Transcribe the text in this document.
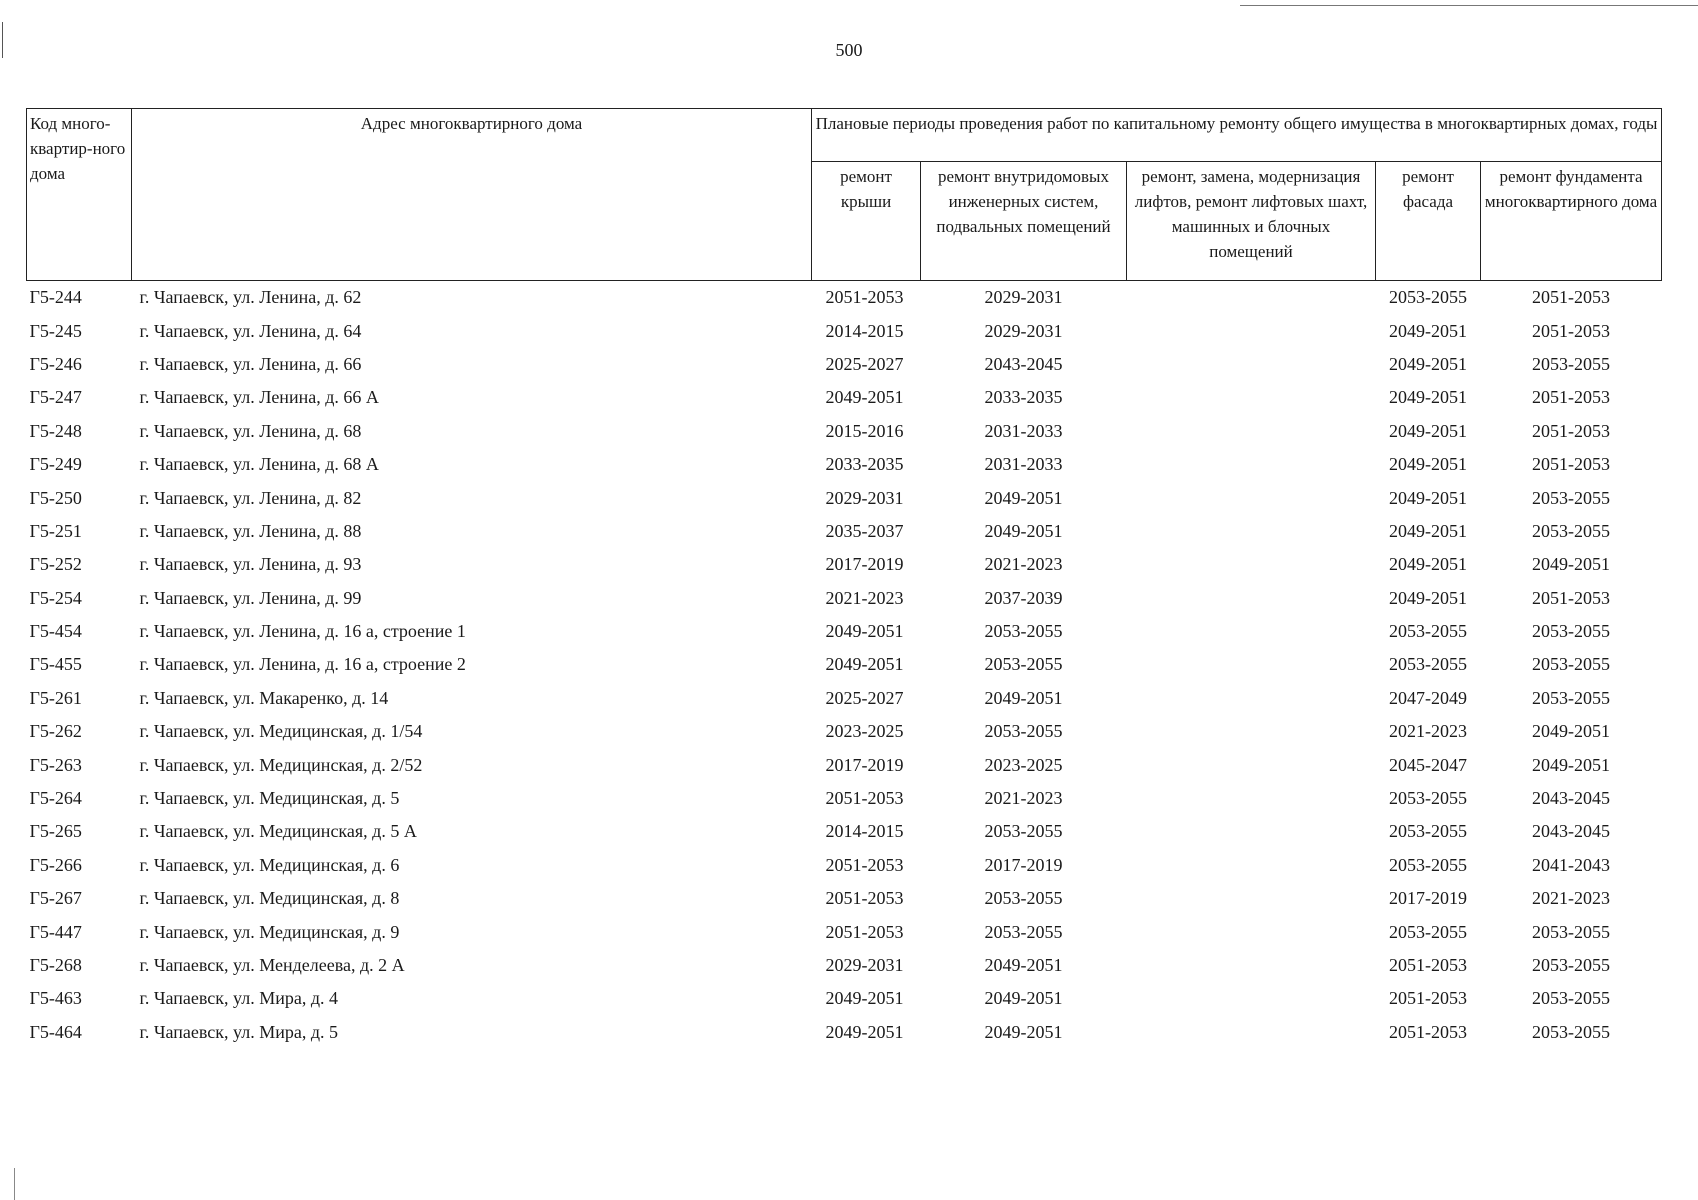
500
Код много-квартир-ного дома	Адрес многоквартирного дома	Плановые периоды проведения работ по капитальному ремонту общего имущества в многоквартирных домах, годы				
		ремонт крыши	ремонт внутридомовых инженерных систем, подвальных помещений	ремонт, замена, модернизация лифтов, ремонт лифтовых шахт, машинных и блочных помещений	ремонт фасада	ремонт фундамента многоквартирного дома
Г5-244	г. Чапаевск, ул. Ленина, д. 62	2051-2053	2029-2031		2053-2055	2051-2053
Г5-245	г. Чапаевск, ул. Ленина, д. 64	2014-2015	2029-2031		2049-2051	2051-2053
Г5-246	г. Чапаевск, ул. Ленина, д. 66	2025-2027	2043-2045		2049-2051	2053-2055
Г5-247	г. Чапаевск, ул. Ленина, д. 66 А	2049-2051	2033-2035		2049-2051	2051-2053
Г5-248	г. Чапаевск, ул. Ленина, д. 68	2015-2016	2031-2033		2049-2051	2051-2053
Г5-249	г. Чапаевск, ул. Ленина, д. 68 А	2033-2035	2031-2033		2049-2051	2051-2053
Г5-250	г. Чапаевск, ул. Ленина, д. 82	2029-2031	2049-2051		2049-2051	2053-2055
Г5-251	г. Чапаевск, ул. Ленина, д. 88	2035-2037	2049-2051		2049-2051	2053-2055
Г5-252	г. Чапаевск, ул. Ленина, д. 93	2017-2019	2021-2023		2049-2051	2049-2051
Г5-254	г. Чапаевск, ул. Ленина, д. 99	2021-2023	2037-2039		2049-2051	2051-2053
Г5-454	г. Чапаевск, ул. Ленина, д. 16 а, строение 1	2049-2051	2053-2055		2053-2055	2053-2055
Г5-455	г. Чапаевск, ул. Ленина, д. 16 а, строение 2	2049-2051	2053-2055		2053-2055	2053-2055
Г5-261	г. Чапаевск, ул. Макаренко, д. 14	2025-2027	2049-2051		2047-2049	2053-2055
Г5-262	г. Чапаевск, ул. Медицинская, д. 1/54	2023-2025	2053-2055		2021-2023	2049-2051
Г5-263	г. Чапаевск, ул. Медицинская, д. 2/52	2017-2019	2023-2025		2045-2047	2049-2051
Г5-264	г. Чапаевск, ул. Медицинская, д. 5	2051-2053	2021-2023		2053-2055	2043-2045
Г5-265	г. Чапаевск, ул. Медицинская, д. 5 А	2014-2015	2053-2055		2053-2055	2043-2045
Г5-266	г. Чапаевск, ул. Медицинская, д. 6	2051-2053	2017-2019		2053-2055	2041-2043
Г5-267	г. Чапаевск, ул. Медицинская, д. 8	2051-2053	2053-2055		2017-2019	2021-2023
Г5-447	г. Чапаевск, ул. Медицинская, д. 9	2051-2053	2053-2055		2053-2055	2053-2055
Г5-268	г. Чапаевск, ул. Менделеева, д. 2 А	2029-2031	2049-2051		2051-2053	2053-2055
Г5-463	г. Чапаевск, ул. Мира, д. 4	2049-2051	2049-2051		2051-2053	2053-2055
Г5-464	г. Чапаевск, ул. Мира, д. 5	2049-2051	2049-2051		2051-2053	2053-2055
